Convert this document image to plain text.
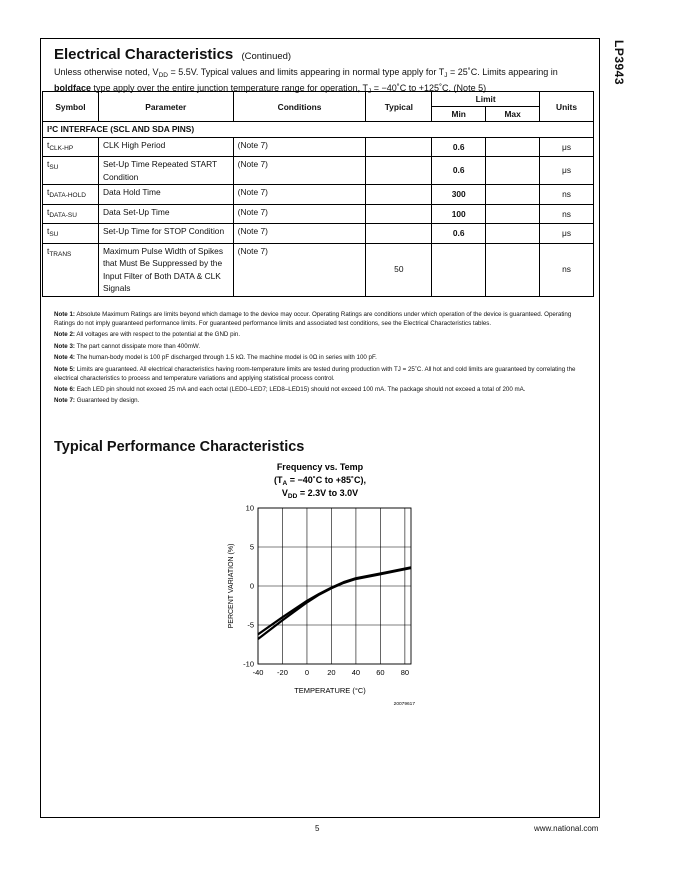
LP3943
Electrical Characteristics (Continued)
Unless otherwise noted, $V_{DD} = 5.5V$. Typical values and limits appearing in normal type apply for $T_J$ = 25˚C. Limits appearing in boldface type apply over the entire junction temperature range for operation, $T_J$ = −40˚C to +125˚C. (Note 5)
Symbol	Parameter	Conditions	Typical	Limit		Units
				Min	Max	
I²C INTERFACE (SCL AND SDA PINS)						
$t_{CLK-HP}$	CLK High Period	(Note 7)		0.6		μs
$t_{SU}$	Set-Up Time Repeated START Condition	(Note 7)		0.6		μs
$t_{DATA-HOLD}$	Data Hold Time	(Note 7)		300		ns
$t_{DATA-SU}$	Data Set-Up Time	(Note 7)		100		ns
$t_{SU}$	Set-Up Time for STOP Condition	(Note 7)		0.6		μs
$t_{TRANS}$	Maximum Pulse Width of Spikes that Must Be Suppressed by the Input Filter of Both DATA & CLK Signals	(Note 7)	50			ns

Note 1: Absolute Maximum Ratings are limits beyond which damage to the device may occur. Operating Ratings are conditions under which operation of the device is guaranteed. Operating Ratings do not imply guaranteed performance limits. For guaranteed performance limits and associated test conditions, see the Electrical Characteristics tables.

Note 2: All voltages are with respect to the potential at the GND pin.

Note 3: The part cannot dissipate more than 400mW.

Note 4: The human-body model is 100 pF discharged through 1.5 kΩ. The machine model is 0Ω in series with 100 pF.

Note 5: Limits are guaranteed. All electrical characteristics having room-temperature limits are tested during production with TJ = 25˚C. All hot and cold limits are guaranteed by correlating the electrical characteristics to process and temperature variations and applying statistical process control.

Note 6: Each LED pin should not exceed 25 mA and each octal (LED0–LED7; LED8–LED15) should not exceed 100 mA. The package should not exceed a total of 200 mA.

Note 7: Guaranteed by design.

Typical Performance Characteristics
Frequency vs. Temp
($T_A$ = −40˚C to +85˚C),
$V_{DD} = 2.3V$ to 3.0V
-40 -20 0 20 40 60 80
-10
-5
0
5
10
TEMPERATURE (°C)
PERCENT VARIATION (%)
20079617
5	www.national.com
